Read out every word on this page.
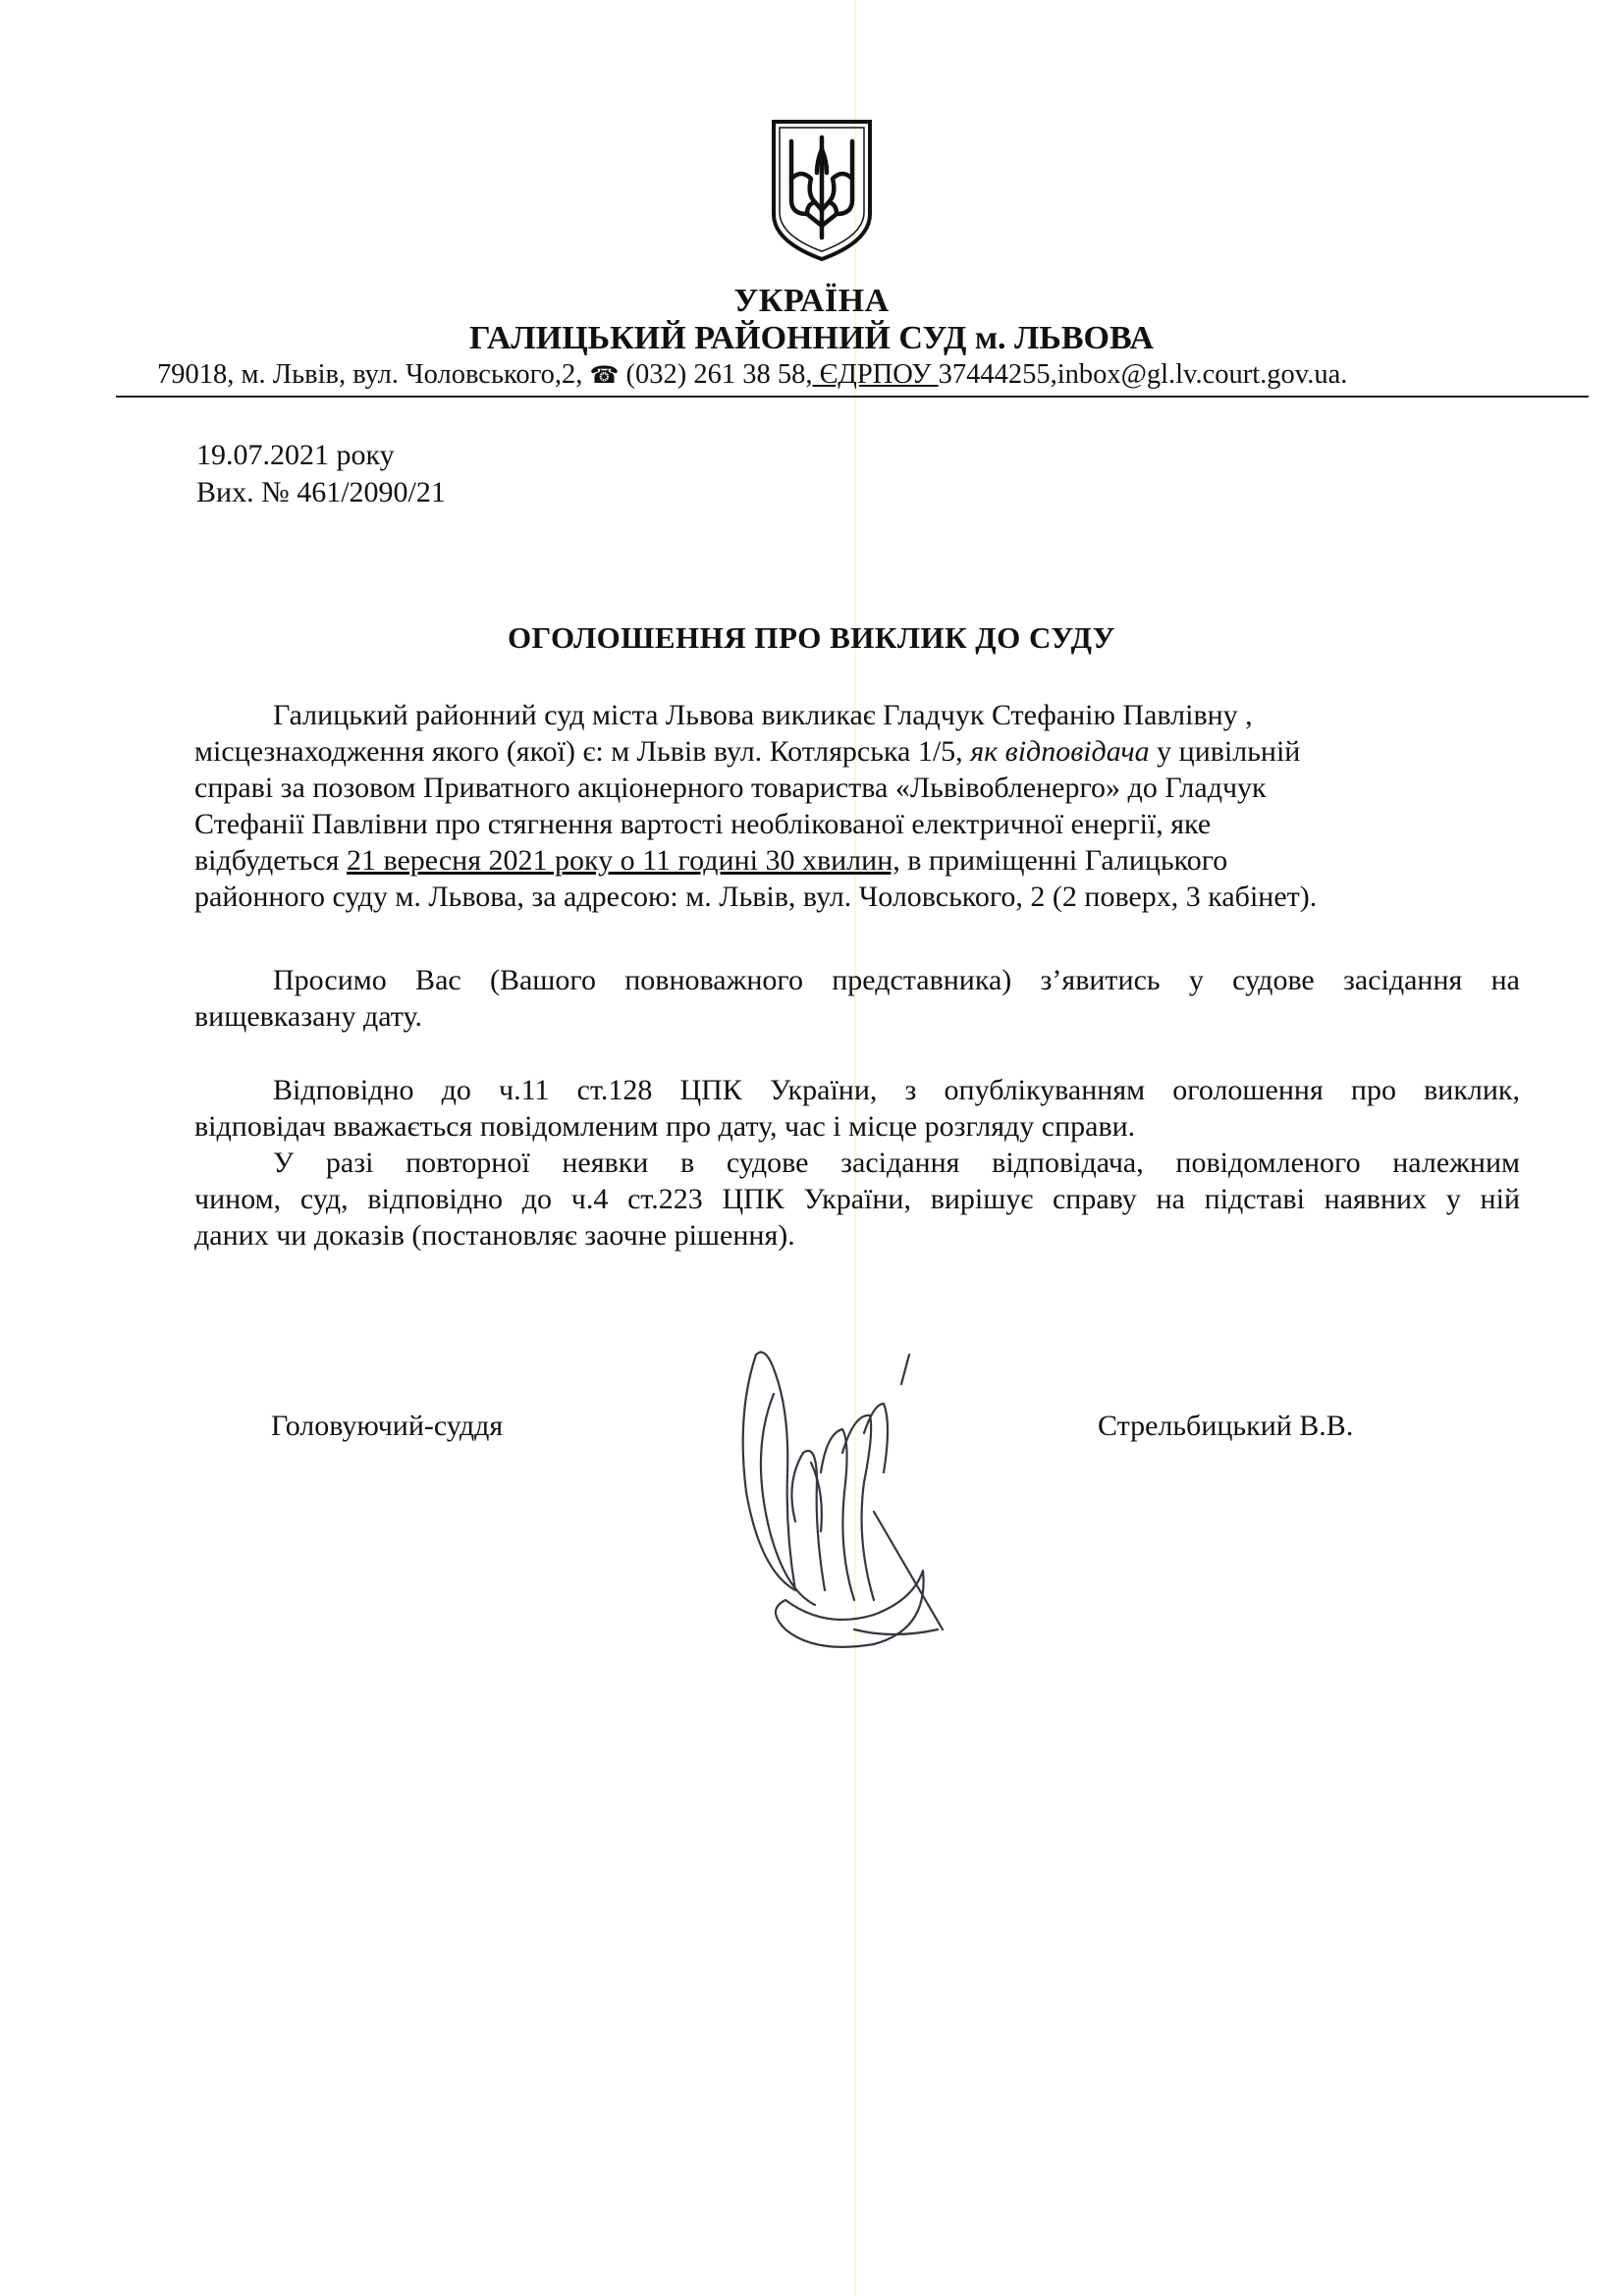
УКРАЇНА
ГАЛИЦЬКИЙ РАЙОННИЙ СУД м. ЛЬВОВА
79018, м. Львів, вул. Чоловського,2, ☎ (032) 261 38 58, ЄДРПОУ 37444255,inbox@gl.lv.court.gov.ua.
19.07.2021 року
Вих. № 461/2090/21
ОГОЛОШЕННЯ ПРО ВИКЛИК ДО СУДУ
Галицький районний суд міста Львова викликає Гладчук Стефанію Павлівну ,
місцезнаходження якого (якої) є: м Львів вул. Котлярська 1/5, як відповідача у цивільній
справі за позовом Приватного акціонерного товариства «Львівобленерго» до Гладчук
Стефанії Павлівни про стягнення вартості необлікованої електричної енергії, яке
відбудеться 21 вересня 2021 року о 11 годині 30 хвилин, в приміщенні Галицького
районного суду м. Львова, за адресою: м. Львів, вул. Чоловського, 2 (2 поверх, 3 кабінет).
Просимо Вас (Вашого повноважного представника) з’явитись у судове засідання на
вищевказану дату.
Відповідно до ч.11 ст.128 ЦПК України, з опублікуванням оголошення про виклик,
відповідач вважається повідомленим про дату, час і місце розгляду справи.
У разі повторної неявки в судове засідання відповідача, повідомленого належним
чином, суд, відповідно до ч.4 ст.223 ЦПК України, вирішує справу на підставі наявних у ній
даних чи доказів (постановляє заочне рішення).
Головуючий-суддя	Стрельбицький В.В.
